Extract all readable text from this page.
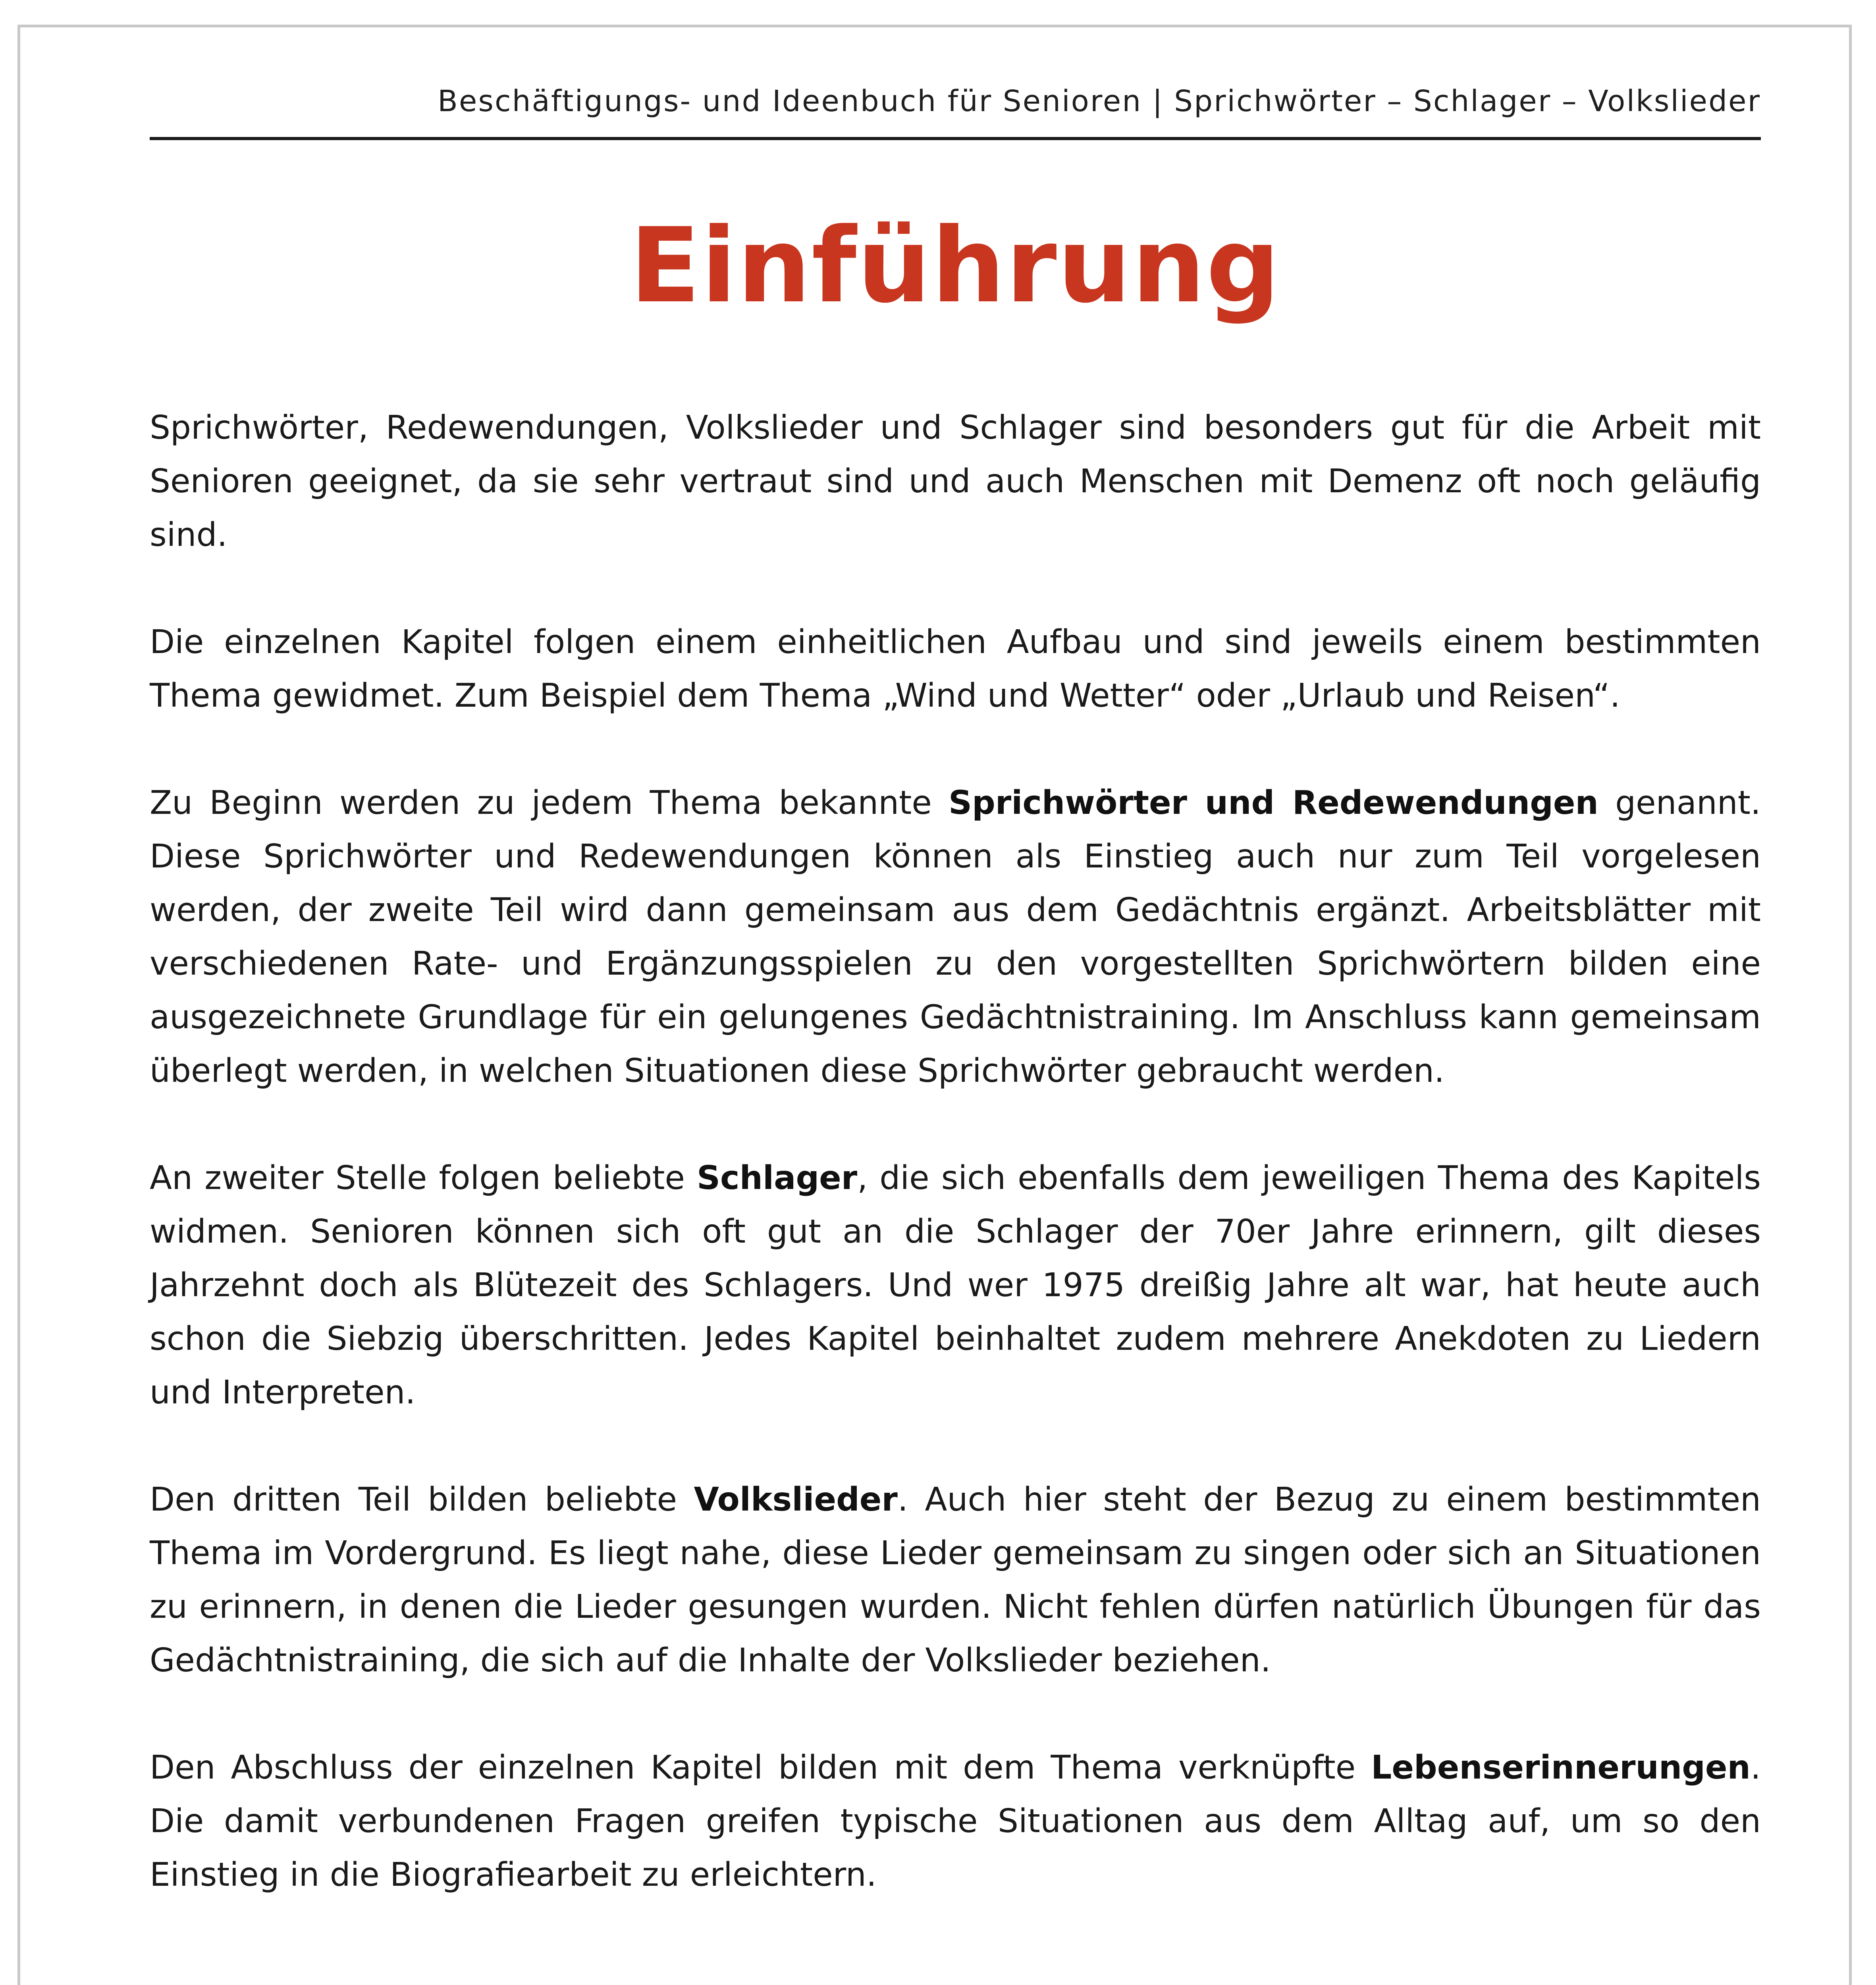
Beschäftigungs- und Ideenbuch für Senioren | Sprichwörter – Schlager – Volkslieder
Einführung

Sprichwörter, Redewendungen, Volkslieder und Schlager sind besonders gut für die Arbeit mit Senioren geeignet, da sie sehr vertraut sind und auch Menschen mit Demenz oft noch geläufig sind.

Die einzelnen Kapitel folgen einem einheitlichen Aufbau und sind jeweils einem bestimmten Thema gewidmet. Zum Beispiel dem Thema „Wind und Wetter“ oder „Urlaub und Reisen“.

Zu Beginn werden zu jedem Thema bekannte Sprichwörter und Redewendungen genannt. Diese Sprichwörter und Redewendungen können als Einstieg auch nur zum Teil vorgelesen werden, der zweite Teil wird dann gemeinsam aus dem Gedächtnis ergänzt. Arbeitsblätter mit verschiedenen Rate- und Ergänzungsspielen zu den vorgestellten Sprichwörtern bilden eine ausgezeichnete Grundlage für ein gelungenes Gedächtnistraining. Im Anschluss kann gemeinsam überlegt werden, in welchen Situationen diese Sprichwörter gebraucht werden.

An zweiter Stelle folgen beliebte Schlager, die sich ebenfalls dem jeweiligen Thema des Kapitels widmen. Senioren können sich oft gut an die Schlager der 70er Jahre erinnern, gilt dieses Jahrzehnt doch als Blütezeit des Schlagers. Und wer 1975 dreißig Jahre alt war, hat heute auch schon die Siebzig überschritten. Jedes Kapitel beinhaltet zudem mehrere Anekdoten zu Liedern und Interpreten.

Den dritten Teil bilden beliebte Volkslieder. Auch hier steht der Bezug zu einem bestimmten Thema im Vordergrund. Es liegt nahe, diese Lieder gemeinsam zu singen oder sich an Situationen zu erinnern, in denen die Lieder gesungen wurden. Nicht fehlen dürfen natürlich Übungen für das Gedächtnistraining, die sich auf die Inhalte der Volkslieder beziehen.

Den Abschluss der einzelnen Kapitel bilden mit dem Thema verknüpfte Lebenserinnerungen. Die damit verbundenen Fragen greifen typische Situationen aus dem Alltag auf, um so den Einstieg in die Biografiearbeit zu erleichtern.
